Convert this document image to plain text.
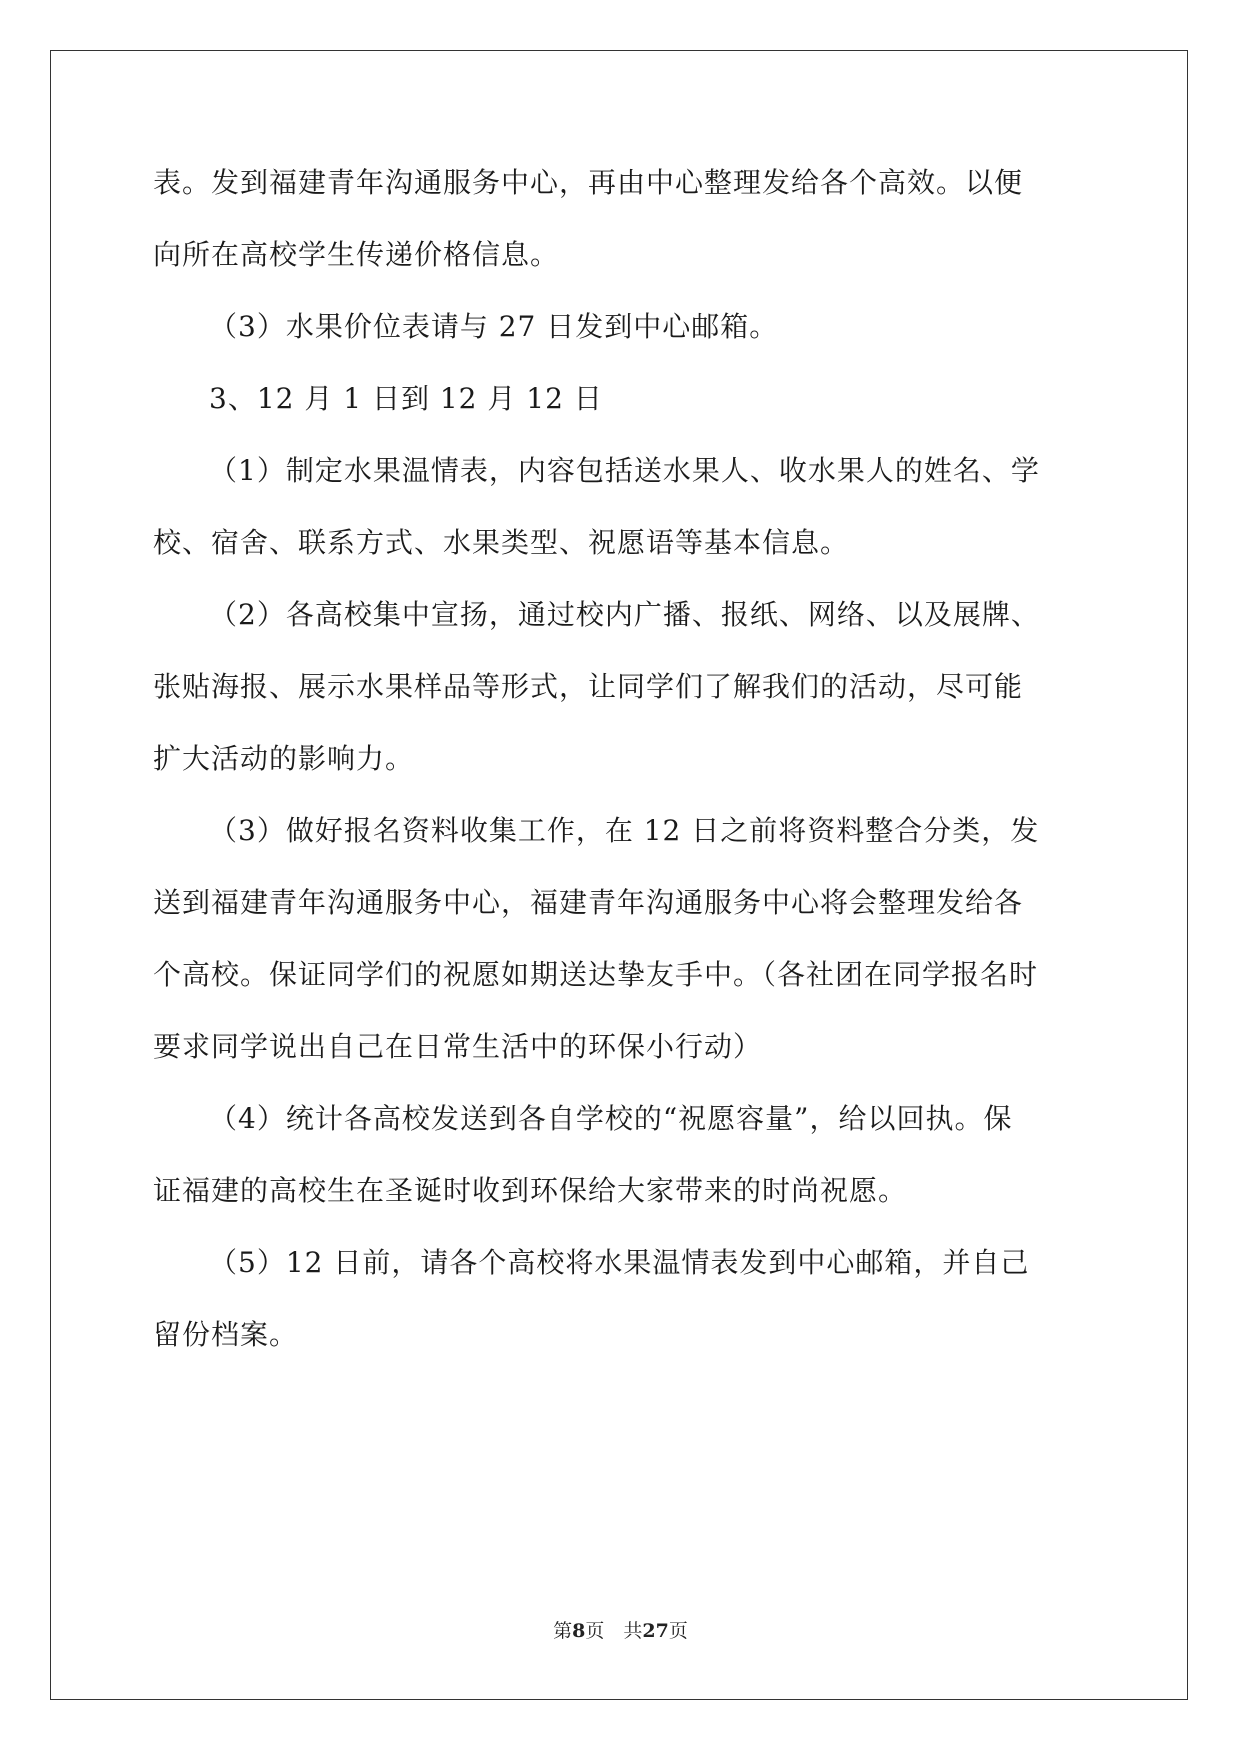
表。发到福建青年沟通服务中心，再由中心整理发给各个高效。以便
向所在高校学生传递价格信息。
（3）水果价位表请与 27 日发到中心邮箱。
3、12 月 1 日到 12 月 12 日
（1）制定水果温情表，内容包括送水果人、收水果人的姓名、学
校、宿舍、联系方式、水果类型、祝愿语等基本信息。
（2）各高校集中宣扬，通过校内广播、报纸、网络、以及展牌、
张贴海报、展示水果样品等形式，让同学们了解我们的活动，尽可能
扩大活动的影响力。
（3）做好报名资料收集工作，在 12 日之前将资料整合分类，发
送到福建青年沟通服务中心，福建青年沟通服务中心将会整理发给各
个高校。保证同学们的祝愿如期送达挚友手中。（各社团在同学报名时
要求同学说出自己在日常生活中的环保小行动）
（4）统计各高校发送到各自学校的“祝愿容量”，给以回执。保
证福建的高校生在圣诞时收到环保给大家带来的时尚祝愿。
（5）12 日前，请各个高校将水果温情表发到中心邮箱，并自己
留份档案。
第8页　共27页
